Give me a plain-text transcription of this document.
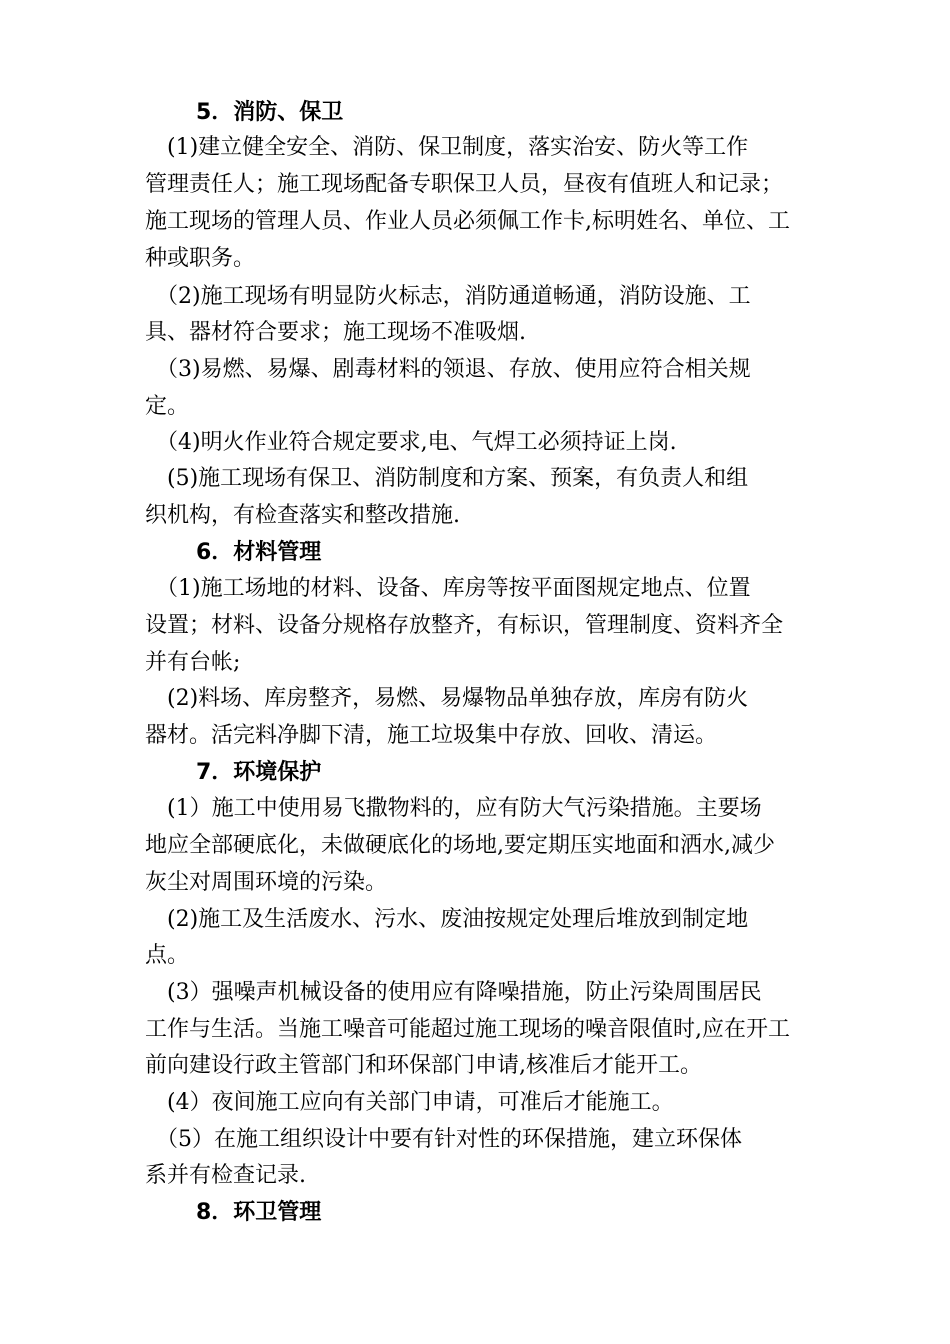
5．消防、保卫
　(1)建立健全安全、消防、保卫制度，落实治安、防火等工作
管理责任人；施工现场配备专职保卫人员，昼夜有值班人和记录；
施工现场的管理人员、作业人员必须佩工作卡,标明姓名、单位、工
种或职务。
　（2)施工现场有明显防火标志，消防通道畅通，消防设施、工
具、器材符合要求；施工现场不准吸烟.
　（3)易燃、易爆、剧毒材料的领退、存放、使用应符合相关规
定。
　（4)明火作业符合规定要求,电、气焊工必须持证上岗.
　(5)施工现场有保卫、消防制度和方案、预案，有负责人和组
织机构，有检查落实和整改措施.
6．材料管理
　（1)施工场地的材料、设备、库房等按平面图规定地点、位置
设置；材料、设备分规格存放整齐，有标识，管理制度、资料齐全
并有台帐;
　(2)料场、库房整齐，易燃、易爆物品单独存放，库房有防火
器材。活完料净脚下清，施工垃圾集中存放、回收、清运。
7．环境保护
　(1）施工中使用易飞撒物料的，应有防大气污染措施。主要场
地应全部硬底化，未做硬底化的场地,要定期压实地面和洒水,减少
灰尘对周围环境的污染。
　(2)施工及生活废水、污水、废油按规定处理后堆放到制定地
点。
　(3）强噪声机械设备的使用应有降噪措施，防止污染周围居民
工作与生活。当施工噪音可能超过施工现场的噪音限值时,应在开工
前向建设行政主管部门和环保部门申请,核准后才能开工。
　(4）夜间施工应向有关部门申请，可准后才能施工。
　（5）在施工组织设计中要有针对性的环保措施，建立环保体
系并有检查记录.
8．环卫管理
